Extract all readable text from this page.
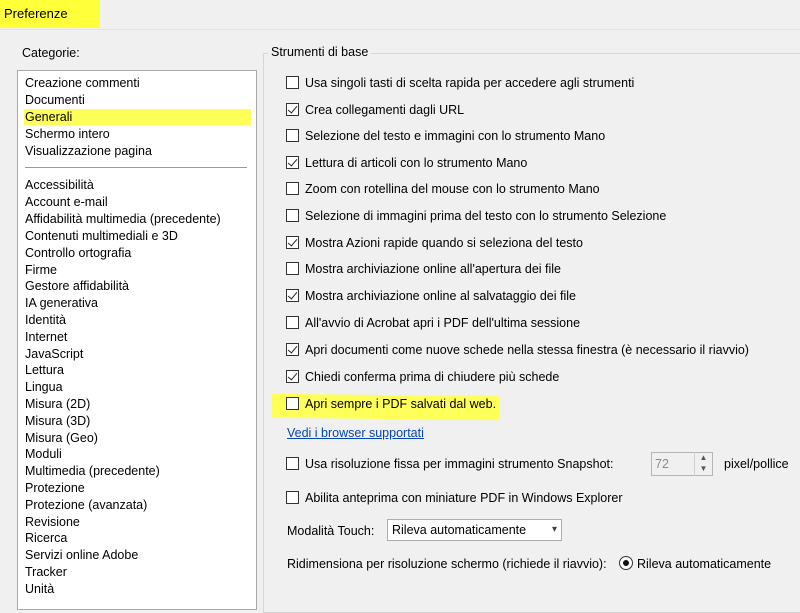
Preferenze
Categorie:
Creazione commenti
Documenti
Generali
Schermo intero
Visualizzazione pagina
Accessibilità
Account e-mail
Affidabilità multimedia (precedente)
Contenuti multimediali e 3D
Controllo ortografia
Firme
Gestore affidabilità
IA generativa
Identità
Internet
JavaScript
Lettura
Lingua
Misura (2D)
Misura (3D)
Misura (Geo)
Moduli
Multimedia (precedente)
Protezione
Protezione (avanzata)
Revisione
Ricerca
Servizi online Adobe
Tracker
Unità
Strumenti di base
Usa singoli tasti di scelta rapida per accedere agli strumenti
Crea collegamenti dagli URL
Selezione del testo e immagini con lo strumento Mano
Lettura di articoli con lo strumento Mano
Zoom con rotellina del mouse con lo strumento Mano
Selezione di immagini prima del testo con lo strumento Selezione
Mostra Azioni rapide quando si seleziona del testo
Mostra archiviazione online all'apertura dei file
Mostra archiviazione online al salvataggio dei file
All'avvio di Acrobat apri i PDF dell'ultima sessione
Apri documenti come nuove schede nella stessa finestra (è necessario il riavvio)
Chiedi conferma prima di chiudere più schede
Apri sempre i PDF salvati dal web.
Vedi i browser supportati
Usa risoluzione fissa per immagini strumento Snapshot:	72	▲
▼	pixel/pollice
Abilita anteprima con miniature PDF in Windows Explorer
Modalità Touch:	Rileva automaticamente	▾
Ridimensiona per risoluzione schermo (richiede il riavvio): Rileva automaticamente
